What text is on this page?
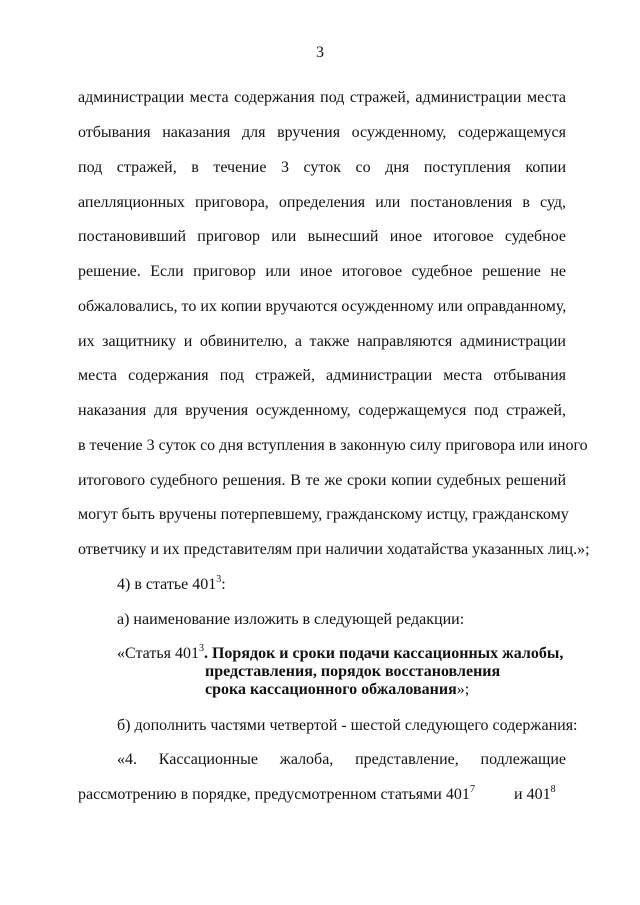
3
администрации места содержания под стражей, администрации места
отбывания наказания для вручения осужденному, содержащемуся
под стражей, в течение 3 суток со дня поступления копии
апелляционных приговора, определения или постановления в суд,
постановивший приговор или вынесший иное итоговое судебное
решение. Если приговор или иное итоговое судебное решение не
обжаловались, то их копии вручаются осужденному или оправданному,
их защитнику и обвинителю, а также направляются администрации
места содержания под стражей, администрации места отбывания
наказания для вручения осужденному, содержащемуся под стражей,
в течение 3 суток со дня вступления в законную силу приговора или иного
итогового судебного решения. В те же сроки копии судебных решений
могут быть вручены потерпевшему, гражданскому истцу, гражданскому
ответчику и их представителям при наличии ходатайства указанных лиц.»;
4) в статье $401^3$:
а) наименование изложить в следующей редакции:
«Статья $401^3$. Порядок и сроки подачи кассационных жалобы,
представления, порядок восстановления
срока кассационного обжалования»;
б) дополнить частями четвертой - шестой следующего содержания:
«4. Кассационные жалоба, представление, подлежащие
рассмотрению в порядке, предусмотренном статьями 401 $^7$ и $401^8$
